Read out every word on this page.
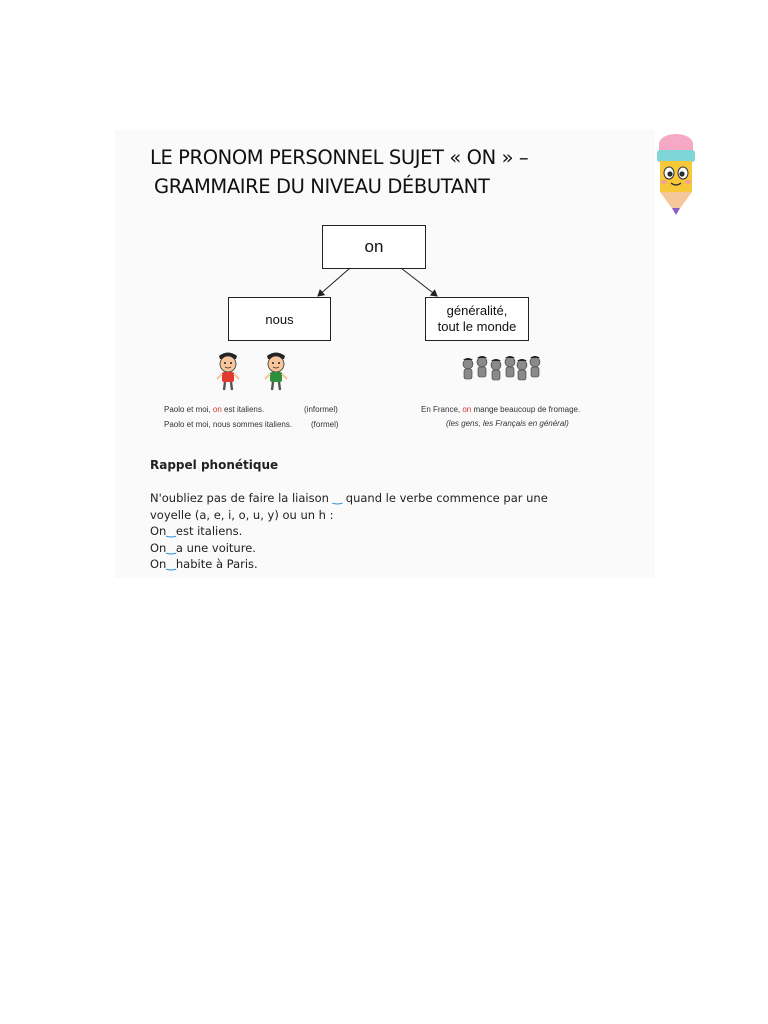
LE PRONOM PERSONNEL SUJET « ON » –
GRAMMAIRE DU NIVEAU DÉBUTANT
on
nous
généralité,
tout le monde
Paolo et moi, on est italiens.	(informel)
Paolo et moi, nous sommes italiens. (formel)
En France, on mange beaucoup de fromage.
(les gens, les Français en général)
Rappel phonétique
N'oubliez pas de faire la liaison ‿ quand le verbe commence par une
voyelle (a, e, i, o, u, y) ou un h :
On‿est italiens.
On‿a une voiture.
On‿habite à Paris.
